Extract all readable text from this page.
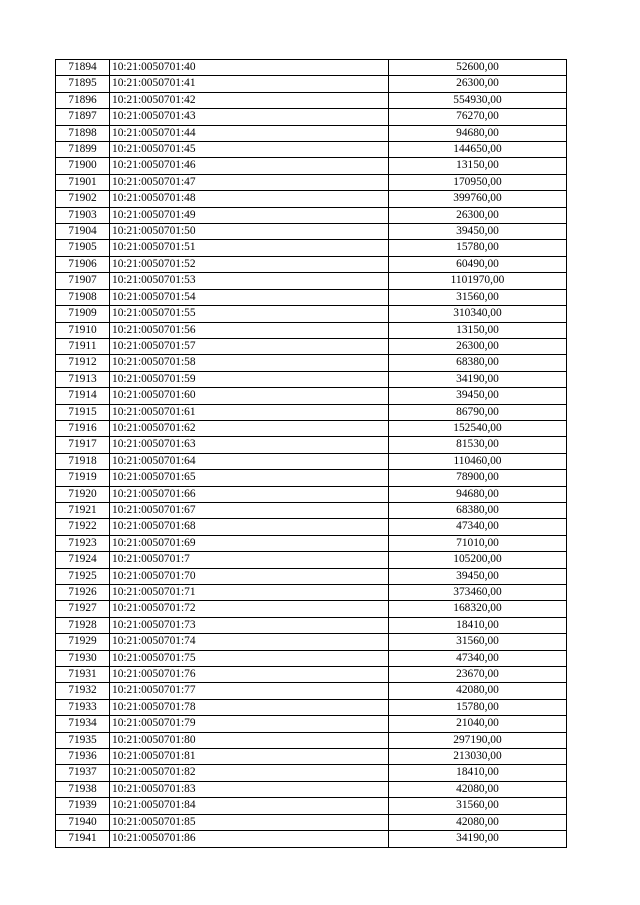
71894	10:21:0050701:40	52600,00
71895	10:21:0050701:41	26300,00
71896	10:21:0050701:42	554930,00
71897	10:21:0050701:43	76270,00
71898	10:21:0050701:44	94680,00
71899	10:21:0050701:45	144650,00
71900	10:21:0050701:46	13150,00
71901	10:21:0050701:47	170950,00
71902	10:21:0050701:48	399760,00
71903	10:21:0050701:49	26300,00
71904	10:21:0050701:50	39450,00
71905	10:21:0050701:51	15780,00
71906	10:21:0050701:52	60490,00
71907	10:21:0050701:53	1101970,00
71908	10:21:0050701:54	31560,00
71909	10:21:0050701:55	310340,00
71910	10:21:0050701:56	13150,00
71911	10:21:0050701:57	26300,00
71912	10:21:0050701:58	68380,00
71913	10:21:0050701:59	34190,00
71914	10:21:0050701:60	39450,00
71915	10:21:0050701:61	86790,00
71916	10:21:0050701:62	152540,00
71917	10:21:0050701:63	81530,00
71918	10:21:0050701:64	110460,00
71919	10:21:0050701:65	78900,00
71920	10:21:0050701:66	94680,00
71921	10:21:0050701:67	68380,00
71922	10:21:0050701:68	47340,00
71923	10:21:0050701:69	71010,00
71924	10:21:0050701:7	105200,00
71925	10:21:0050701:70	39450,00
71926	10:21:0050701:71	373460,00
71927	10:21:0050701:72	168320,00
71928	10:21:0050701:73	18410,00
71929	10:21:0050701:74	31560,00
71930	10:21:0050701:75	47340,00
71931	10:21:0050701:76	23670,00
71932	10:21:0050701:77	42080,00
71933	10:21:0050701:78	15780,00
71934	10:21:0050701:79	21040,00
71935	10:21:0050701:80	297190,00
71936	10:21:0050701:81	213030,00
71937	10:21:0050701:82	18410,00
71938	10:21:0050701:83	42080,00
71939	10:21:0050701:84	31560,00
71940	10:21:0050701:85	42080,00
71941	10:21:0050701:86	34190,00
